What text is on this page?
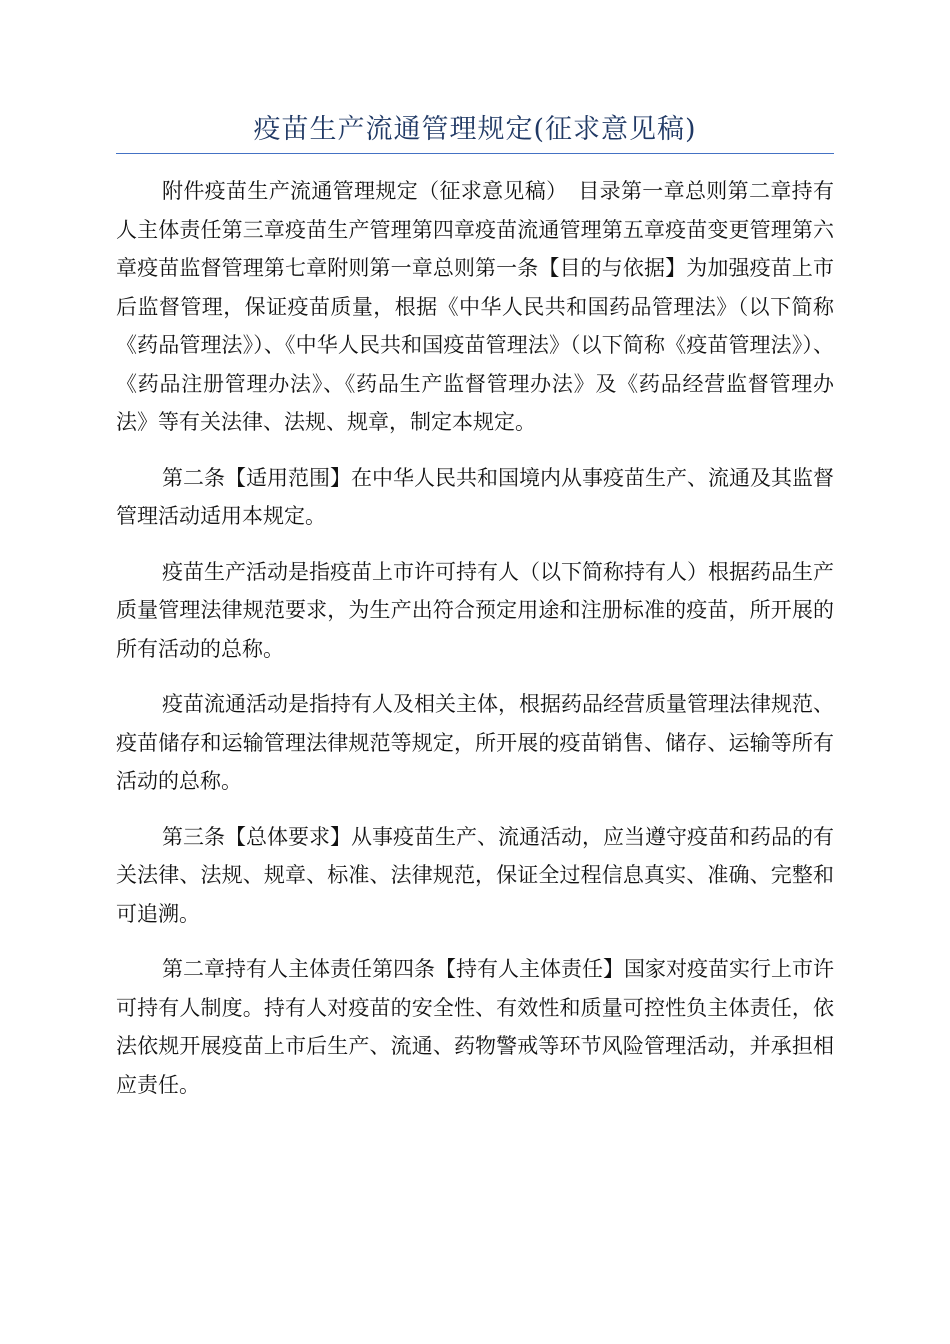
疫苗生产流通管理规定(征求意见稿)

附件疫苗生产流通管理规定（征求意见稿）　目录第一章总则第二章持有人主体责任第三章疫苗生产管理第四章疫苗流通管理第五章疫苗变更管理第六章疫苗监督管理第七章附则第一章总则第一条【目的与依据】为加强疫苗上市后监督管理，保证疫苗质量，根据《中华人民共和国药品管理法》（以下简称《药品管理法》）、《中华人民共和国疫苗管理法》（以下简称《疫苗管理法》）、《药品注册管理办法》、《药品生产监督管理办法》及《药品经营监督管理办法》等有关法律、法规、规章，制定本规定。

第二条【适用范围】在中华人民共和国境内从事疫苗生产、流通及其监督管理活动适用本规定。

疫苗生产活动是指疫苗上市许可持有人（以下简称持有人）根据药品生产质量管理法律规范要求，为生产出符合预定用途和注册标准的疫苗，所开展的所有活动的总称。

疫苗流通活动是指持有人及相关主体，根据药品经营质量管理法律规范、疫苗储存和运输管理法律规范等规定，所开展的疫苗销售、储存、运输等所有活动的总称。

第三条【总体要求】从事疫苗生产、流通活动，应当遵守疫苗和药品的有关法律、法规、规章、标准、法律规范，保证全过程信息真实、准确、完整和可追溯。

第二章持有人主体责任第四条【持有人主体责任】国家对疫苗实行上市许可持有人制度。持有人对疫苗的安全性、有效性和质量可控性负主体责任，依法依规开展疫苗上市后生产、流通、药物警戒等环节风险管理活动，并承担相应责任。
